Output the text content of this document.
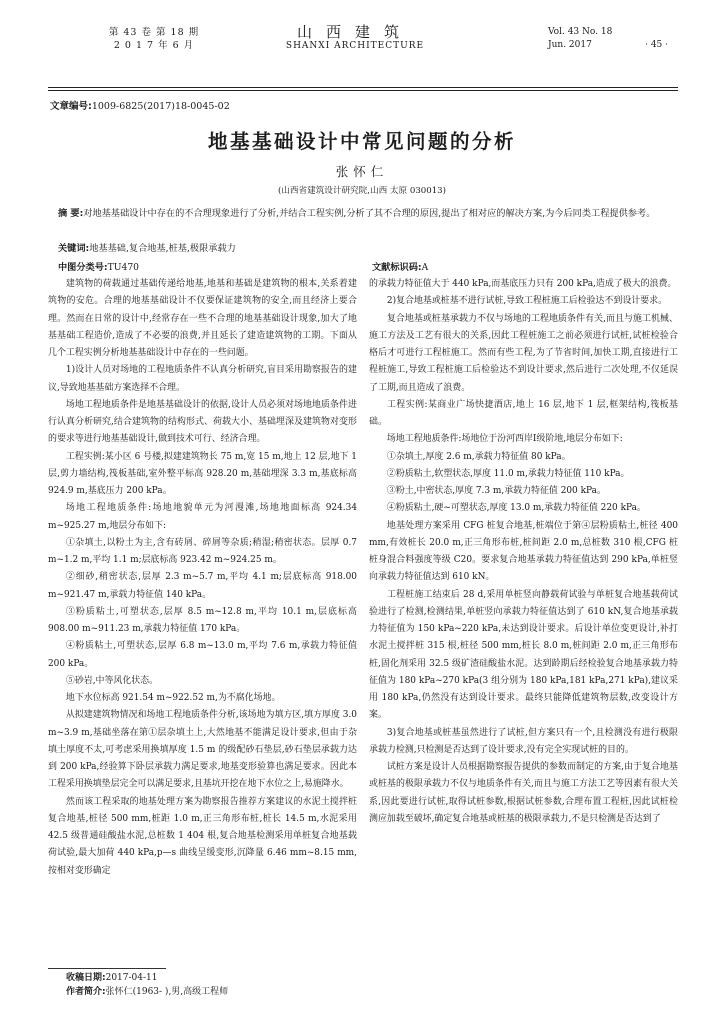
第 43 卷 第 18 期
2 0 1 7 年 6 月
山西建筑
SHANXI ARCHITECTURE
Vol. 43 No. 18
Jun. 2017	· 45 ·
文章编号:1009-6825(2017)18-0045-02
地基基础设计中常见问题的分析
张怀仁
(山西省建筑设计研究院,山西 太原 030013)
摘 要:对地基基础设计中存在的不合理现象进行了分析,并结合工程实例,分析了其不合理的原因,提出了相对应的解决方案,为今后同类工程提供参考。
关键词:地基基础,复合地基,桩基,极限承载力
中图分类号:TU470	文献标识码:A

建筑物的荷载通过基础传递给地基,地基和基础是建筑物的根本,关系着建筑物的安危。合理的地基基础设计不仅要保证建筑物的安全,而且经济上要合理。然而在日常的设计中,经常存在一些不合理的地基基础设计现象,加大了地基基础工程造价,造成了不必要的浪费,并且延长了建造建筑物的工期。下面从几个工程实例分析地基基础设计中存在的一些问题。

1)设计人员对场地的工程地质条件不认真分析研究,盲目采用勘察报告的建议,导致地基基础方案选择不合理。

场地工程地质条件是地基基础设计的依据,设计人员必须对场地地质条件进行认真分析研究,结合建筑物的结构形式、荷载大小、基础埋深及建筑物对变形的要求等进行地基基础设计,做到技术可行、经济合理。

工程实例:某小区 6 号楼,拟建建筑物长 75 m,宽 15 m,地上 12 层,地下 1 层,剪力墙结构,筏板基础,室外整平标高 928.20 m,基础埋深 3.3 m,基底标高 924.9 m,基底压力 200 kPa。

场地工程地质条件:场地地貌单元为河漫滩,场地地面标高 924.34 m~925.27 m,地层分布如下:

①杂填土,以粉土为主,含有砖屑、碎屑等杂质;稍湿;稍密状态。层厚 0.7 m~1.2 m,平均 1.1 m;层底标高 923.42 m~924.25 m。

②细砂,稍密状态,层厚 2.3 m~5.7 m,平均 4.1 m;层底标高 918.00 m~921.47 m,承载力特征值 140 kPa。

③粉质粘土,可塑状态,层厚 8.5 m~12.8 m,平均 10.1 m,层底标高 908.00 m~911.23 m,承载力特征值 170 kPa。

④粉质粘土,可塑状态,层厚 6.8 m~13.0 m,平均 7.6 m,承载力特征值 200 kPa。

⑤砂岩,中等风化状态。

地下水位标高 921.54 m~922.52 m,为不腐化场地。

从拟建建筑物情况和场地工程地质条件分析,该场地为填方区,填方厚度 3.0 m~3.9 m,基础坐落在第①层杂填土上,大然地基不能满足设计要求,但由于杂填土厚度不太,可考虑采用换填厚度 1.5 m 的级配砂石垫层,砂石垫层承载力达到 200 kPa,经验算下卧层承载力满足要求,地基变形验算也满足要求。因此本工程采用换填垫层完全可以满足要求,且基坑开挖在地下水位之上,易施降水。

然而该工程采取的地基处理方案为勘察报告推荐方案建议的水泥土搅拌桩复合地基,桩径 500 mm,桩距 1.0 m,正三角形布桩,桩长 14.5 m,水泥采用 42.5 级普通硅酸盐水泥,总桩数 1 404 根,复合地基检测采用单桩复合地基载荷试验,最大加荷 440 kPa,p—s 曲线呈缓变形,沉降量 6.46 mm~8.15 mm,按相对变形确定

的承载力特征值大于 440 kPa,而基底压力只有 200 kPa,造成了极大的浪费。

2)复合地基或桩基不进行试桩,导致工程桩施工后检验达不到设计要求。

复合地基或桩基承载力不仅与场地的工程地质条件有关,而且与施工机械、施工方法及工艺有很大的关系,因此工程桩施工之前必须进行试桩,试桩检验合格后才可进行工程桩施工。然而有些工程,为了节省时间,加快工期,直接进行工程桩施工,导致工程桩施工后检验达不到设计要求,然后进行二次处理,不仅延误了工期,而且造成了浪费。

工程实例:某商业广场快捷酒店,地上 16 层,地下 1 层,框架结构,筏板基础。

场地工程地质条件:场地位于汾河西岸Ⅰ级阶地,地层分布如下:

①杂填土,厚度 2.6 m,承载力特征值 80 kPa。

②粉质粘土,软塑状态,厚度 11.0 m,承载力特征值 110 kPa。

③粉土,中密状态,厚度 7.3 m,承载力特征值 200 kPa。

④粉质粘土,硬~可塑状态,厚度 13.0 m,承载力特征值 220 kPa。

地基处理方案采用 CFG 桩复合地基,桩端位于第④层粉质粘土,桩径 400 mm,有效桩长 20.0 m,正三角形布桩,桩间距 2.0 m,总桩数 310 根,CFG 桩桩身混合料强度等级 C20。要求复合地基承载力特征值达到 290 kPa,单桩竖向承载力特征值达到 610 kN。

工程桩施工结束后 28 d,采用单桩竖向静载荷试验与单桩复合地基载荷试验进行了检测,检测结果,单桩竖向承载力特征值达到了 610 kN,复合地基承载力特征值为 150 kPa~220 kPa,未达到设计要求。后设计单位变更设计,补打水泥土搅拌桩 315 根,桩径 500 mm,桩长 8.0 m,桩间距 2.0 m,正三角形布桩,固化剂采用 32.5 级矿渣硅酸盐水泥。达到龄期后经检验复合地基承载力特征值为 180 kPa~270 kPa(3 组分别为 180 kPa,181 kPa,271 kPa),建议采用 180 kPa,仍然没有达到设计要求。最终只能降低建筑物层数,改变设计方案。

3)复合地基或桩基虽然进行了试桩,但方案只有一个,且检测没有进行极限承载力检测,只检测是否达到了设计要求,没有完全实现试桩的目的。

试桩方案是设计人员根据勘察报告提供的参数而制定的方案,由于复合地基或桩基的极限承载力不仅与地质条件有关,而且与施工方法工艺等因素有很大关系,因此要进行试桩,取得试桩参数,根据试桩参数,合理布置工程桩,因此试桩检测应加载至破坏,确定复合地基或桩基的极限承载力,不是只检测是否达到了

收稿日期:2017-04-11
作者简介:张怀仁(1963- ),男,高级工程师
